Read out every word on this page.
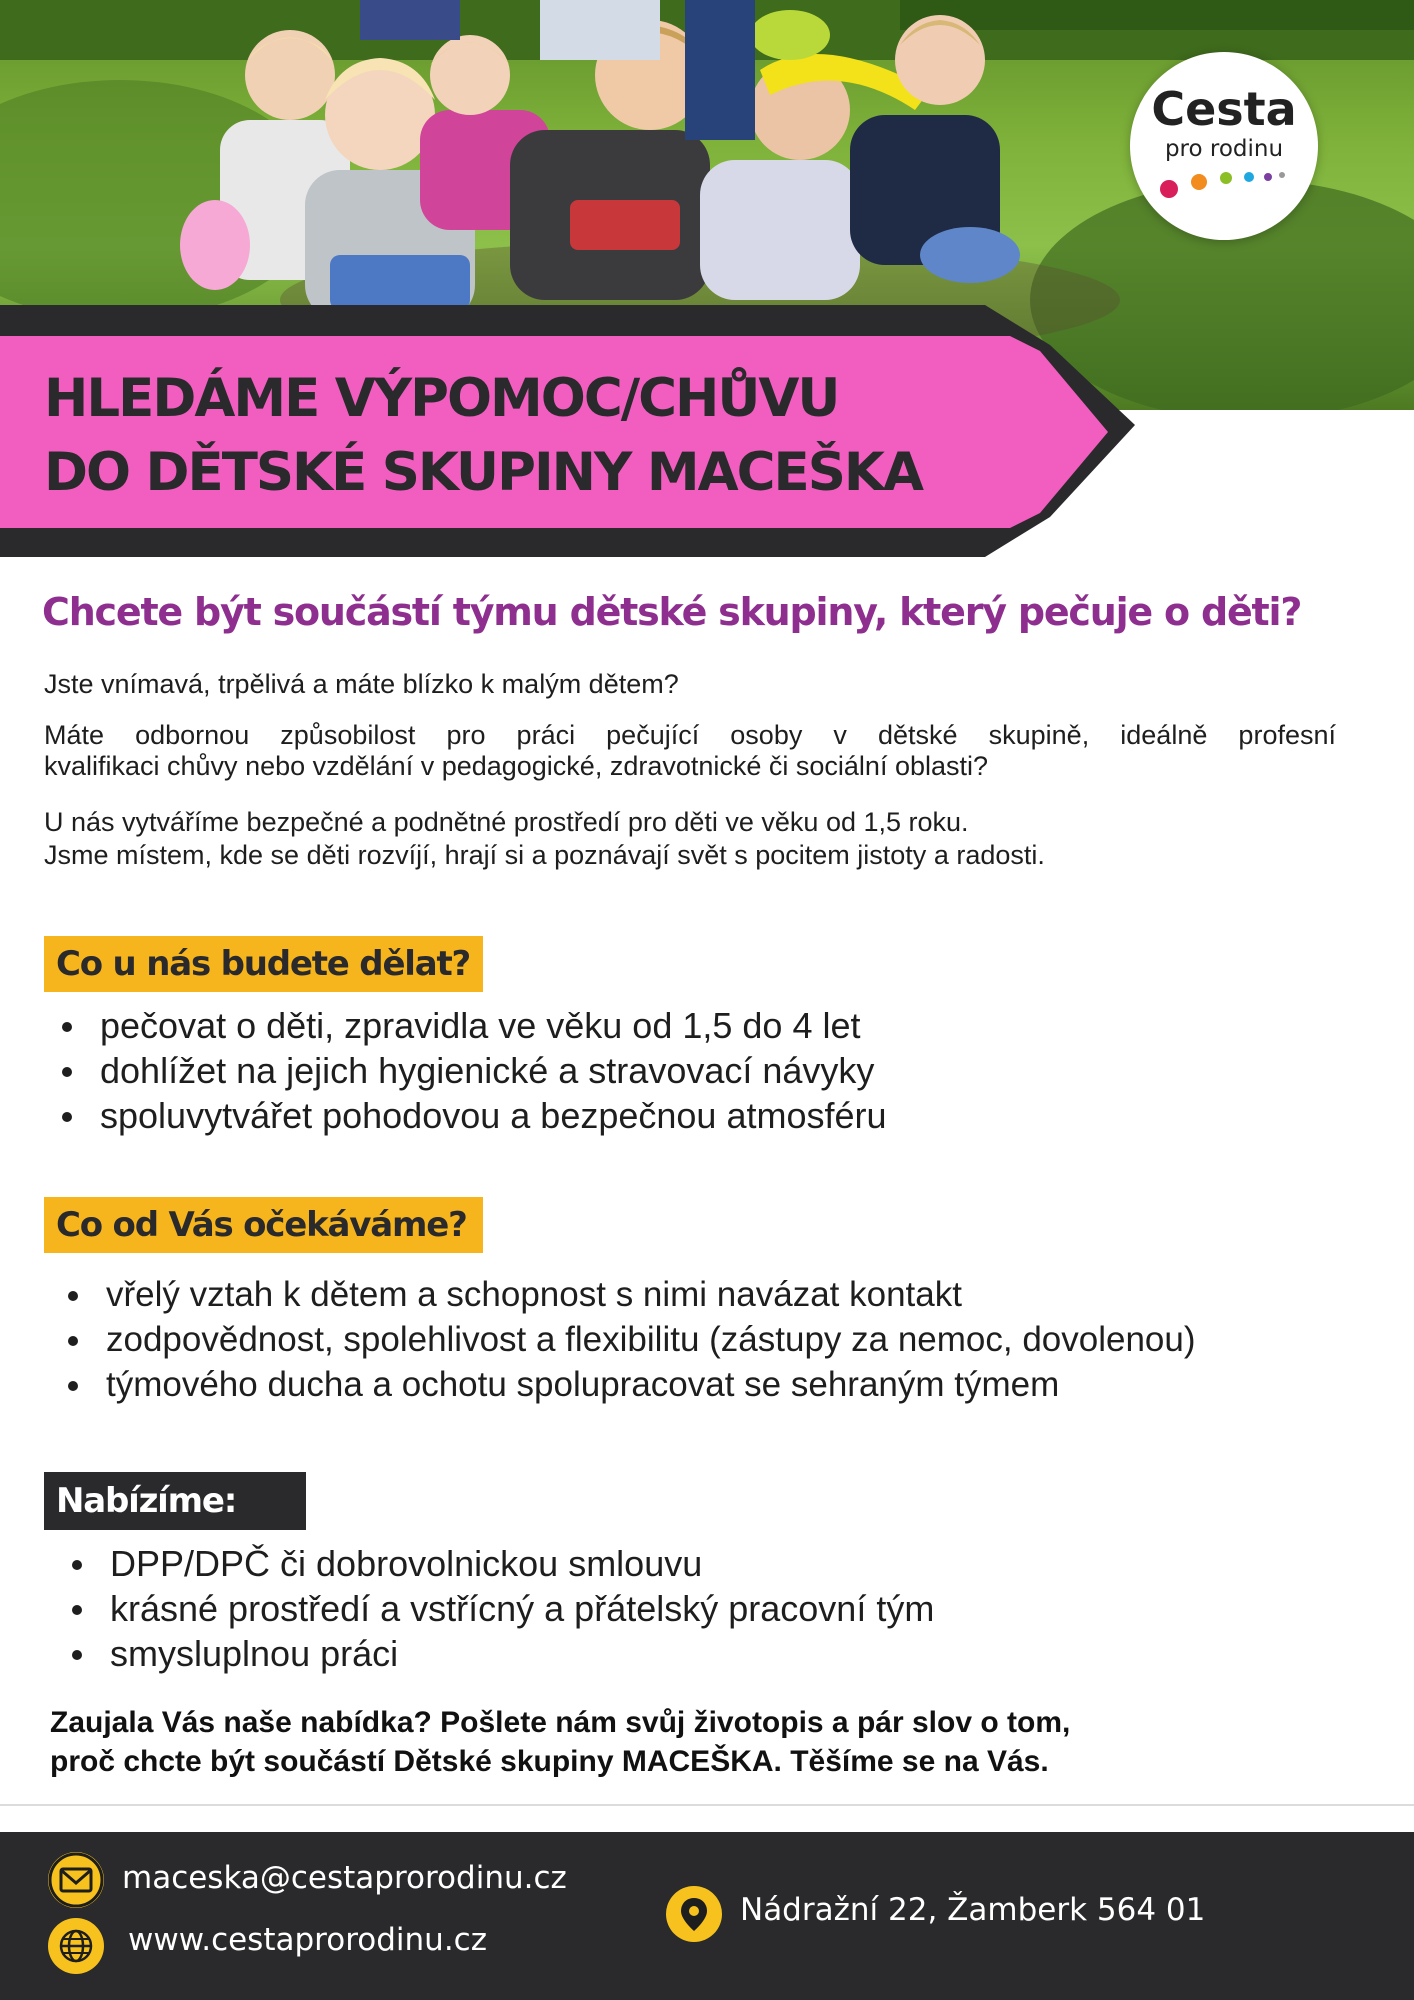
Cesta
pro rodinu
HLEDÁME VÝPOMOC/CHŮVU
DO DĚTSKÉ SKUPINY MACEŠKA
Chcete být součástí týmu dětské skupiny, který pečuje o děti?

Jste vnímavá, trpělivá a máte blízko k malým dětem?

Máte odbornou způsobilost pro práci pečující osoby v dětské skupině, ideálně profesní
kvalifikaci chůvy nebo vzdělání v pedagogické, zdravotnické či sociální oblasti?

U nás vytváříme bezpečné a podnětné prostředí pro děti ve věku od 1,5 roku.
Jsme místem, kde se děti rozvíjí, hrají si a poznávají svět s pocitem jistoty a radosti.

Co u nás budete dělat?
pečovat o děti, zpravidla ve věku od 1,5 do 4 let
dohlížet na jejich hygienické a stravovací návyky
spoluvytvářet pohodovou a bezpečnou atmosféru
Co od Vás očekáváme?
vřelý vztah k dětem a schopnost s nimi navázat kontakt
zodpovědnost, spolehlivost a flexibilitu (zástupy za nemoc, dovolenou)
týmového ducha a ochotu spolupracovat se sehraným týmem
Nabízíme:
DPP/DPČ či dobrovolnickou smlouvu
krásné prostředí a vstřícný a přátelský pracovní tým
smysluplnou práci

Zaujala Vás naše nabídka? Pošlete nám svůj životopis a pár slov o tom,
proč chcte být součástí Dětské skupiny MACEŠKA. Těšíme se na Vás.

maceska@cestaprorodinu.cz
www.cestaprorodinu.cz
Nádražní 22, Žamberk 564 01
